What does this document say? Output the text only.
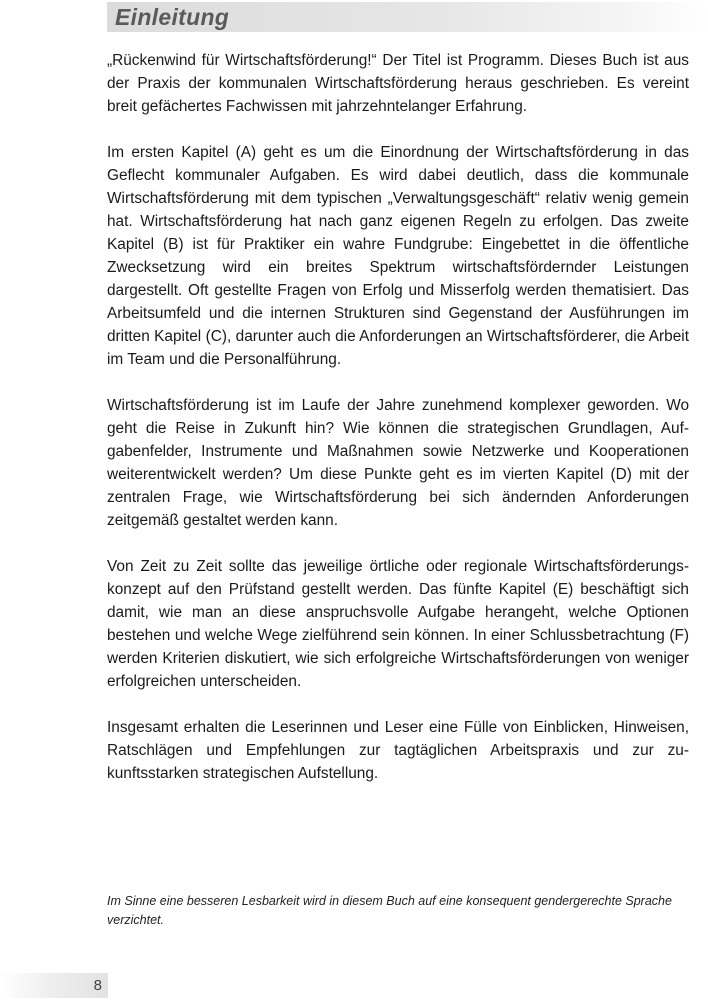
Einleitung

„Rückenwind für Wirtschaftsförderung!“ Der Titel ist Programm. Dieses Buch ist aus der Praxis der kommunalen Wirtschaftsförderung heraus geschrieben. Es vereint breit gefächertes Fachwissen mit jahrzehntelanger Erfahrung.

Im ersten Kapitel (A) geht es um die Einordnung der Wirtschaftsförderung in das Geflecht kommunaler Aufgaben. Es wird dabei deutlich, dass die kommunale Wirtschaftsförderung mit dem typischen „Verwaltungsgeschäft“ relativ wenig gemein hat. Wirtschaftsförderung hat nach ganz eigenen Regeln zu erfolgen. Das zweite Kapitel (B) ist für Praktiker ein wahre Fundgrube: Eingebettet in die öffentliche Zwecksetzung wird ein breites Spektrum wirtschaftsfördernder Leistungen dargestellt. Oft gestellte Fragen von Erfolg und Misserfolg werden thematisiert. Das Arbeitsumfeld und die internen Strukturen sind Gegenstand der Ausführungen im dritten Kapitel (C), darunter auch die Anforderungen an Wirtschaftsförderer, die Arbeit im Team und die Personalführung.

Wirtschaftsförderung ist im Laufe der Jahre zunehmend komplexer geworden. Wo geht die Reise in Zukunft hin? Wie können die strategischen Grundlagen, Aufgabenfelder, Instrumente und Maßnahmen sowie Netzwerke und Kooperationen weiterentwickelt werden? Um diese Punkte geht es im vierten Kapitel (D) mit der zentralen Frage, wie Wirtschaftsförderung bei sich ändernden Anforderungen zeitgemäß gestaltet werden kann.

Von Zeit zu Zeit sollte das jeweilige örtliche oder regionale Wirtschaftsförderungskonzept auf den Prüfstand gestellt werden. Das fünfte Kapitel (E) beschäftigt sich damit, wie man an diese anspruchsvolle Aufgabe herangeht, welche Optionen bestehen und welche Wege zielführend sein können. In einer Schlussbetrachtung (F) werden Kriterien diskutiert, wie sich erfolgreiche Wirtschaftsförderungen von weniger erfolgreichen unterscheiden.

Insgesamt erhalten die Leserinnen und Leser eine Fülle von Einblicken, Hinweisen, Ratschlägen und Empfehlungen zur tagtäglichen Arbeitspraxis und zur zukunftsstarken strategischen Aufstellung.

Im Sinne eine besseren Lesbarkeit wird in diesem Buch auf eine konsequent gendergerechte Sprache verzichtet.

8
